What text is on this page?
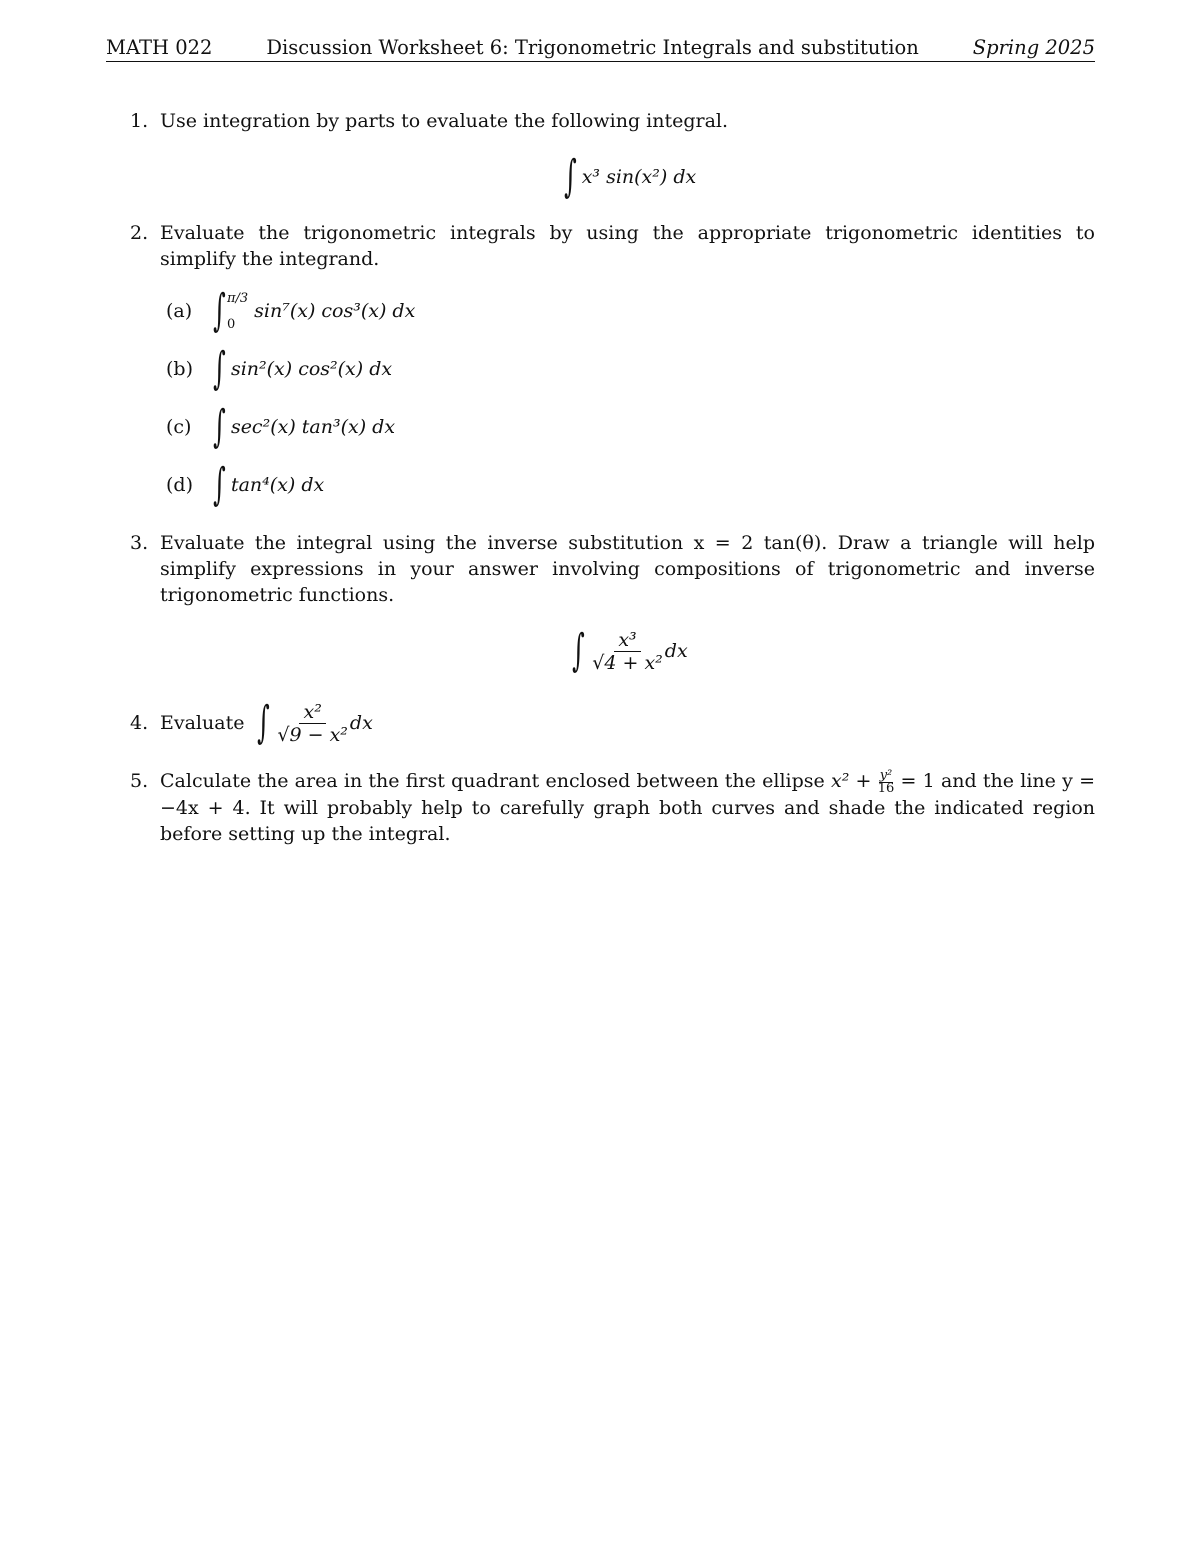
MATH 022	Discussion Worksheet 6: Trigonometric Integrals and substitution	Spring 2025
1. Use integration by parts to evaluate the following integral.
∫ x³ sin(x²) dx
2. Evaluate the trigonometric integrals by using the appropriate trigonometric identities to simplify the integrand.
(a) ∫ π/3
0
sin⁷(x) cos³(x) dx
(b) ∫ sin²(x) cos²(x) dx
(c) ∫ sec²(x) tan³(x) dx
(d) ∫ tan⁴(x) dx
3. Evaluate the integral using the inverse substitution x = 2 tan(θ). Draw a triangle will help simplify expressions in your answer involving compositions of trigonometric and inverse trigonometric functions.
∫ $\frac{\text{x³}}{\text{√4 + x²}}$ dx
4. Evaluate ∫ $\frac{\text{x²}}{\text{√9 − x²}}$ dx
5. Calculate the area in the first quadrant enclosed between the ellipse $x^2 + \frac{\text{y²}}{16} = 1$ and the line y = −4x + 4. It will probably help to carefully graph both curves and shade the indicated region before setting up the integral.
